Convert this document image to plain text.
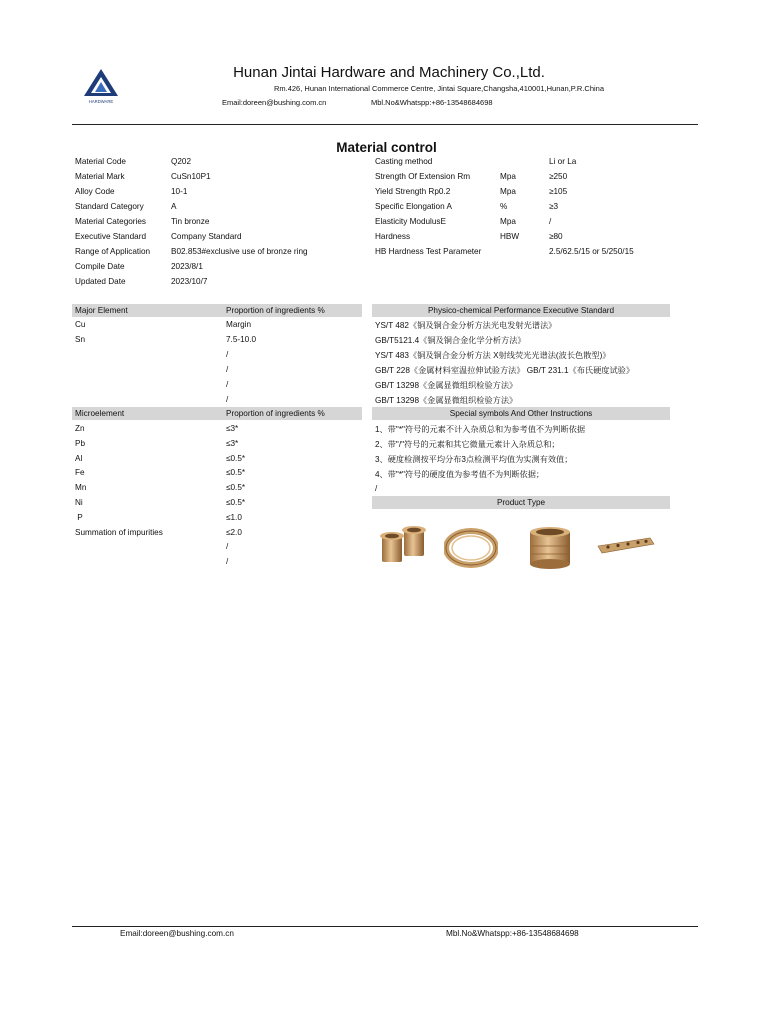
HARDWARE
Hunan Jintai Hardware and Machinery Co.,Ltd.
Rm.426, Hunan International Commerce Centre, Jintai Square,Changsha,410001,Hunan,P.R.China
Email:doreen@bushing.com.cn	Mbl.No&Whatspp:+86-13548684698
Material control
Material Code	Q202
Material Mark	CuSn10P1
Alloy Code	10-1
Standard Category	A
Material Categories	Tin bronze
Executive Standard	Company Standard
Range of Application	B02.853#exclusive use of bronze ring
Compile Date	2023/8/1
Updated Date	2023/10/7
Casting method	Li or La
Strength Of Extension Rm	Mpa	≥250
Yield Strength Rp0.2	Mpa	≥105
Specific Elongation A	%	≥3
Elasticity ModulusE	Mpa	/
Hardness	HBW	≥80
HB Hardness Test Parameter	2.5/62.5/15 or 5/250/15
Major Element	Proportion of ingredients %
Cu	Margin
Sn	7.5-10.0
/
/
/
/
Microelement	Proportion of ingredients %
Zn	≤3*
Pb	≤3*
Al	≤0.5*
Fe	≤0.5*
Mn	≤0.5*
Ni	≤0.5*
P	≤1.0
Summation of impurities	≤2.0
/
/
Physico-chemical Performance Executive Standard
YS/T 482《铜及铜合金分析方法光电发射光谱法》
GB/T5121.4《铜及铜合金化学分析方法》
YS/T 483《铜及铜合金分析方法 X射线荧光光谱法(波长色散型)》
GB/T 228《金属材料室温拉伸试验方法》 GB/T 231.1《布氏硬度试验》
GB/T 13298《金属显微组织检验方法》
GB/T 13298《金属显微组织检验方法》
Special symbols And Other Instructions
1、带"*"符号的元素不计入杂质总和为参考值不为判断依据
2、带"/"符号的元素和其它微量元素计入杂质总和；
3、硬度检测按平均分布3点检测平均值为实测有效值；
4、带"*"符号的硬度值为参考值不为判断依据；
/
Product Type
Email:doreen@bushing.com.cn	Mbl.No&Whatspp:+86-13548684698
